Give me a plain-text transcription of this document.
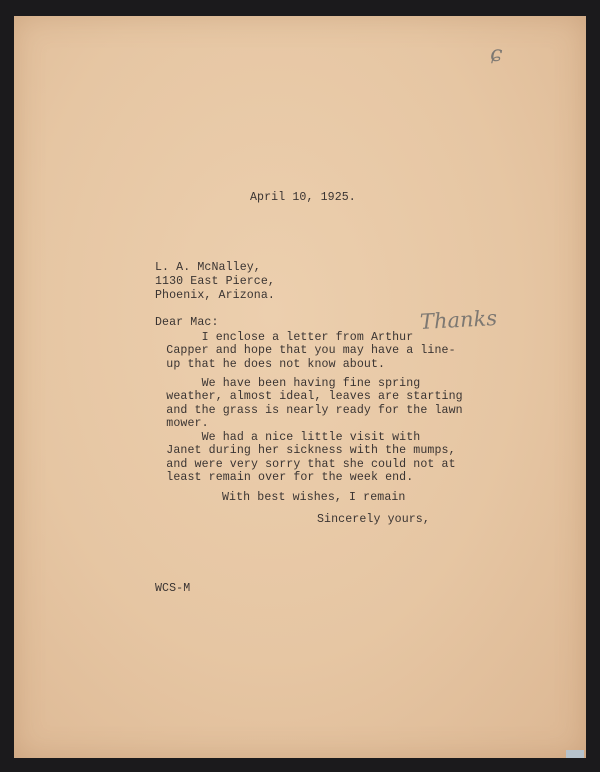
ɕ

April 10, 1925.

L. A. McNalley,

1130 East Pierce,

Phoenix, Arizona.

Dear Mac:	Thanks

I enclose a letter from Arthur
Capper and hope that you may have a line-
up that he does not know about.

We have been having fine spring
weather, almost ideal, leaves are starting
and the grass is nearly ready for the lawn
mower.

We had a nice little visit with
Janet during her sickness with the mumps,
and were very sorry that she could not at
least remain over for the week end.

With best wishes, I remain

Sincerely yours,

WCS-M
